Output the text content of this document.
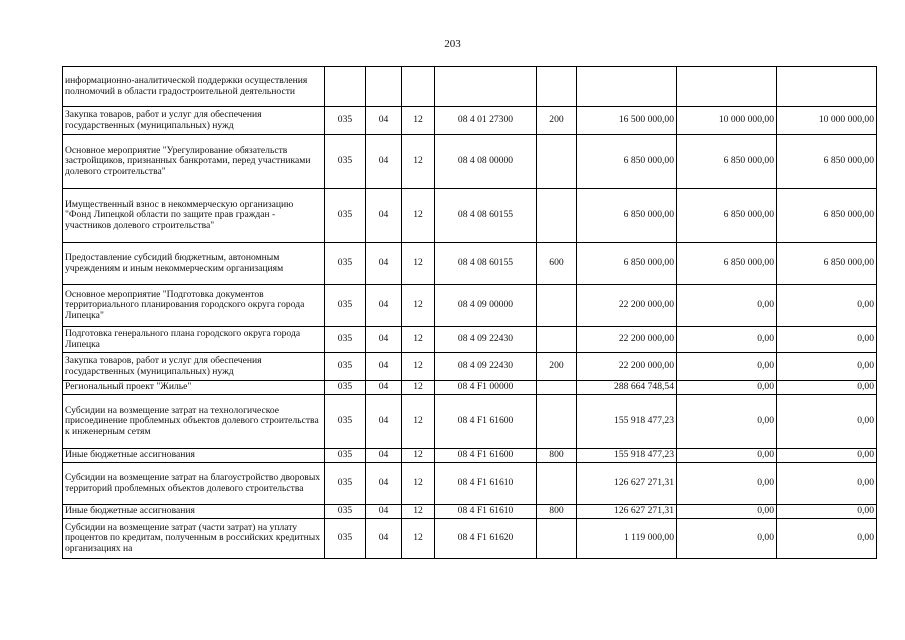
203
информационно-аналитической поддержки осуществления полномочий в области градостроительной деятельности								
Закупка товаров, работ и услуг для обеспечения государственных (муниципальных) нужд	035	04	12	08 4 01 27300	200	16 500 000,00	10 000 000,00	10 000 000,00
Основное мероприятие "Урегулирование обязательств застройщиков, признанных банкротами, перед участниками долевого строительства"	035	04	12	08 4 08 00000		6 850 000,00	6 850 000,00	6 850 000,00
Имущественный взнос в некоммерческую организацию "Фонд Липецкой области по защите прав граждан - участников долевого строительства"	035	04	12	08 4 08 60155		6 850 000,00	6 850 000,00	6 850 000,00
Предоставление субсидий бюджетным, автономным учреждениям и иным некоммерческим организациям	035	04	12	08 4 08 60155	600	6 850 000,00	6 850 000,00	6 850 000,00
Основное мероприятие "Подготовка документов территориального планирования городского округа города Липецка"	035	04	12	08 4 09 00000		22 200 000,00	0,00	0,00
Подготовка генерального плана городского округа города Липецка	035	04	12	08 4 09 22430		22 200 000,00	0,00	0,00
Закупка товаров, работ и услуг для обеспечения государственных (муниципальных) нужд	035	04	12	08 4 09 22430	200	22 200 000,00	0,00	0,00
Региональный проект "Жилье"	035	04	12	08 4 F1 00000		288 664 748,54	0,00	0,00
Субсидии на возмещение затрат на технологическое присоединение проблемных объектов долевого строительства к инженерным сетям	035	04	12	08 4 F1 61600		155 918 477,23	0,00	0,00
Иные бюджетные ассигнования	035	04	12	08 4 F1 61600	800	155 918 477,23	0,00	0,00
Субсидии на возмещение затрат на благоустройство дворовых территорий проблемных объектов долевого строительства	035	04	12	08 4 F1 61610		126 627 271,31	0,00	0,00
Иные бюджетные ассигнования	035	04	12	08 4 F1 61610	800	126 627 271,31	0,00	0,00
Субсидии на возмещение затрат (части затрат) на уплату процентов по кредитам, полученным в российских кредитных организациях на	035	04	12	08 4 F1 61620		1 119 000,00	0,00	0,00
